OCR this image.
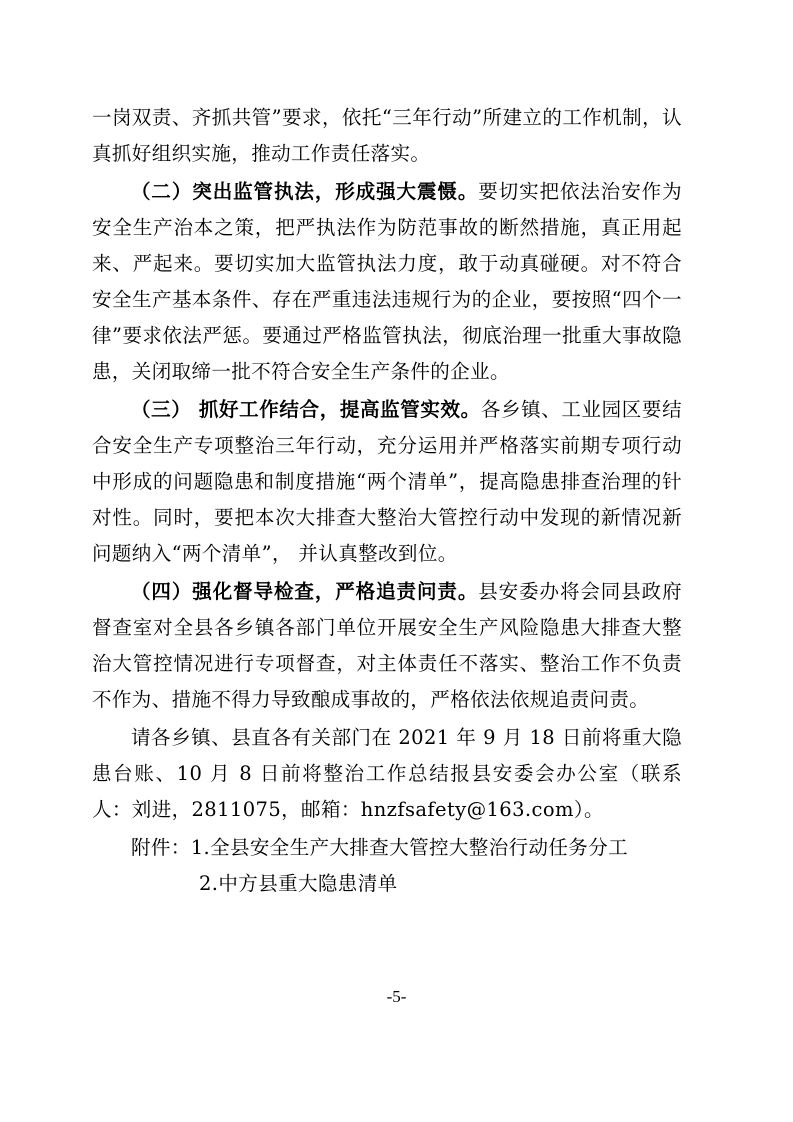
一岗双责、齐抓共管”要求，依托“三年行动”所建立的工作机制，认真抓好组织实施，推动工作责任落实。

（二）突出监管执法，形成强大震慑。要切实把依法治安作为安全生产治本之策，把严执法作为防范事故的断然措施，真正用起来、严起来。要切实加大监管执法力度，敢于动真碰硬。对不符合安全生产基本条件、存在严重违法违规行为的企业，要按照“四个一律”要求依法严惩。要通过严格监管执法，彻底治理一批重大事故隐患，关闭取缔一批不符合安全生产条件的企业。

（三） 抓好工作结合，提高监管实效。各乡镇、工业园区要结合安全生产专项整治三年行动，充分运用并严格落实前期专项行动中形成的问题隐患和制度措施“两个清单”，提高隐患排查治理的针对性。同时，要把本次大排查大整治大管控行动中发现的新情况新问题纳入“两个清单”， 并认真整改到位。

（四）强化督导检查，严格追责问责。县安委办将会同县政府督查室对全县各乡镇各部门单位开展安全生产风险隐患大排查大整治大管控情况进行专项督查，对主体责任不落实、整治工作不负责不作为、措施不得力导致酿成事故的，严格依法依规追责问责。

请各乡镇、县直各有关部门在 2021 年 9 月 18 日前将重大隐患台账、10 月 8 日前将整治工作总结报县安委会办公室（联系人：刘进，2811075，邮箱：hnzfsafety@163.com）。

附件：1.全县安全生产大排查大管控大整治行动任务分工
2.中方县重大隐患清单
-5-
